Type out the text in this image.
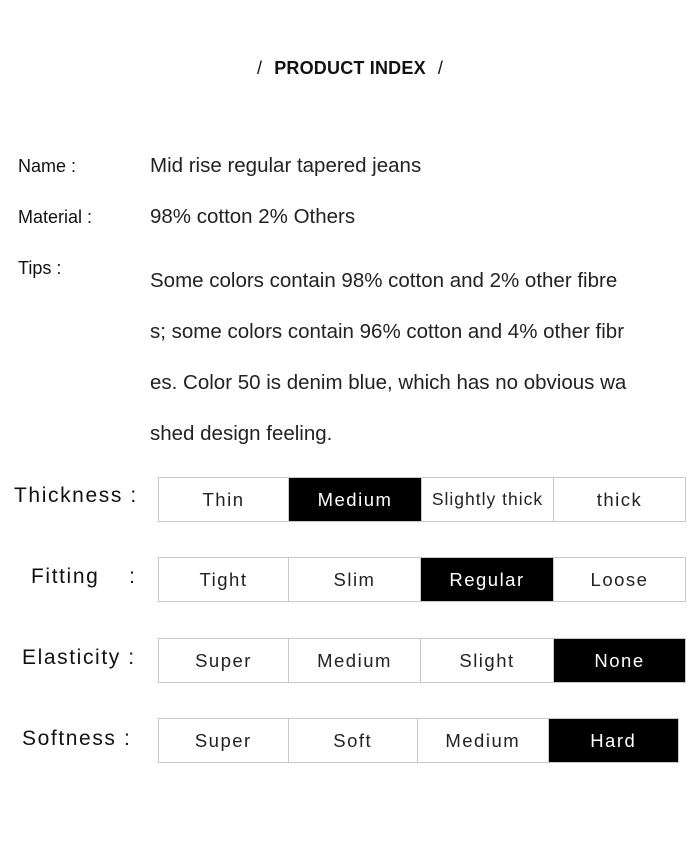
/ PRODUCT INDEX /
Name :	Mid rise regular tapered jeans
Material :	98% cotton 2% Others
Tips :
Some colors contain 98% cotton and 2% other fibre
s; some colors contain 96% cotton and 4% other fibr
es. Color 50 is denim blue, which has no obvious wa
shed design feeling.
Thickness :	Thin	Medium	Slightly thick	thick
Fitting    :	Tight	Slim	Regular	Loose
Elasticity :	Super	Medium	Slight	None
Softness :	Super	Soft	Medium	Hard
